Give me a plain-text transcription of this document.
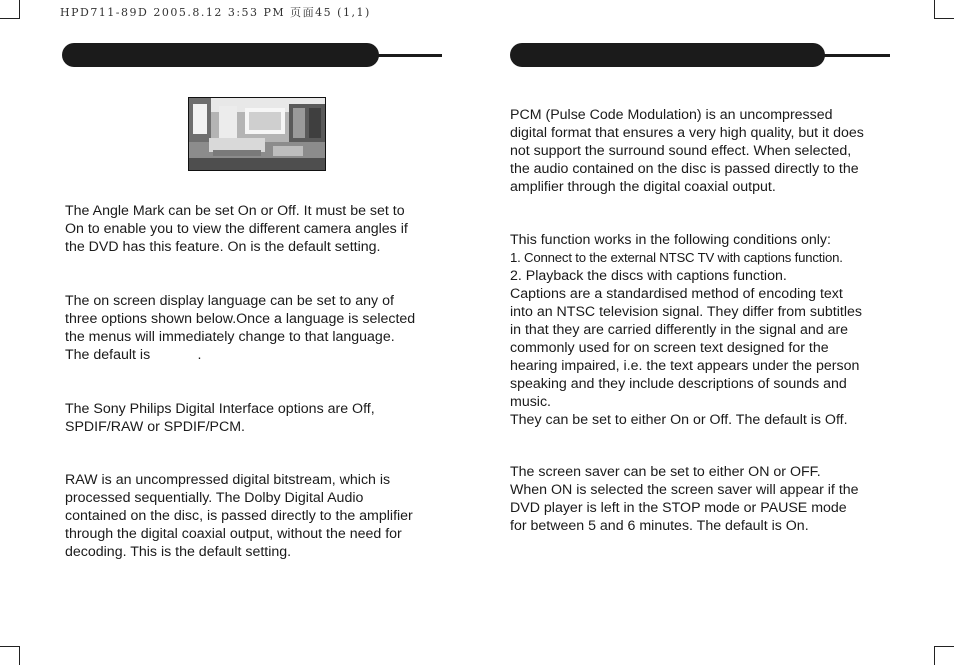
HPD711-89D 2005.8.12 3:53 PM 页面45 (1,1)

The Angle Mark can be set On or Off. It must be set to
On to enable you to view the different camera angles if
the DVD has this feature. On is the default setting.

The on screen display language can be set to any of
three options shown below.Once a language is selected
the menus will immediately change to that language.
The default is            .

The Sony Philips Digital Interface options are Off,
SPDIF/RAW or SPDIF/PCM.

RAW is an uncompressed digital bitstream, which is
processed sequentially. The Dolby Digital Audio
contained on the disc, is passed directly to the amplifier
through the digital coaxial output, without the need for
decoding. This is the default setting.

PCM (Pulse Code Modulation) is an uncompressed
digital format that ensures a very high quality, but it does
not support the surround sound effect. When selected,
the audio contained on the disc is passed directly to the
amplifier through the digital coaxial output.

This function works in the following conditions only:
1. Connect to the external NTSC TV with captions function.
2. Playback the discs with captions function.
Captions are a standardised method of encoding text
into an NTSC television signal. They differ from subtitles
in that they are carried differently in the signal and are
commonly used for on screen text designed for the
hearing impaired, i.e. the text appears under the person
speaking and they include descriptions of sounds and
music.
They can be set to either On or Off. The default is Off.

The screen saver can be set to either ON or OFF.
When ON is selected the screen saver will appear if the
DVD player is left in the STOP mode or PAUSE mode
for between 5 and 6 minutes. The default is On.
